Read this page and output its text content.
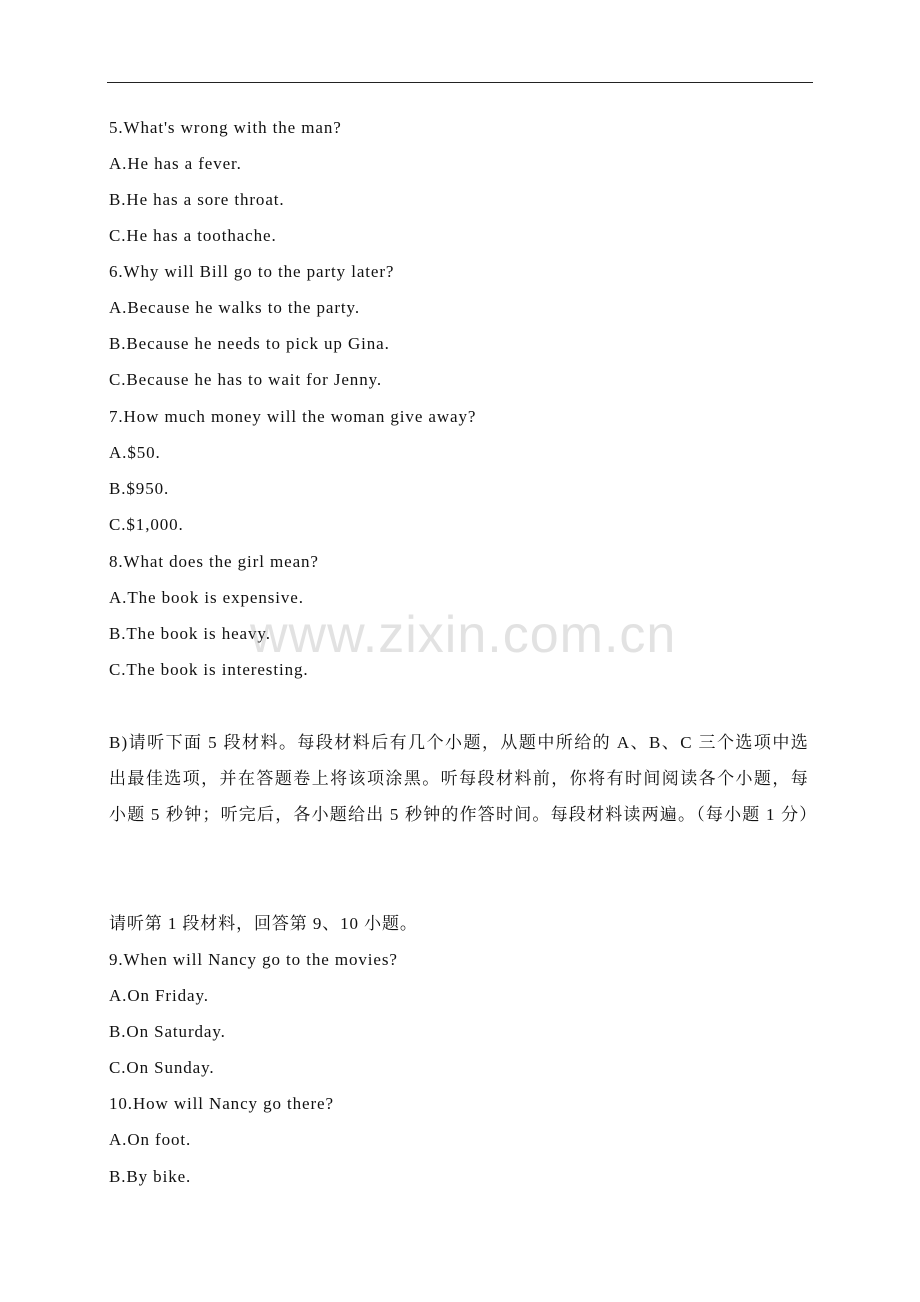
5.What's wrong with the man?
A.He has a fever.
B.He has a sore throat.
C.He has a toothache.
6.Why will Bill go to the party later?
A.Because he walks to the party.
B.Because he needs to pick up Gina.
C.Because he has to wait for Jenny.
7.How much money will the woman give away?
A.$50.
B.$950.
C.$1,000.
8.What does the girl mean?
A.The book is expensive.
B.The book is heavy.
C.The book is interesting.
B)请听下面 5 段材料。每段材料后有几个小题，从题中所给的 A、B、C 三个选项中选出最佳选项，并在答题卷上将该项涂黑。听每段材料前，你将有时间阅读各个小题，每小题 5 秒钟；听完后，各小题给出 5 秒钟的作答时间。每段材料读两遍。（每小题 1 分）
请听第 1 段材料，回答第 9、10 小题。
9.When will Nancy go to the movies?
A.On Friday.
B.On Saturday.
C.On Sunday.
10.How will Nancy go there?
A.On foot.
B.By bike.
www.zixin.com.cn
